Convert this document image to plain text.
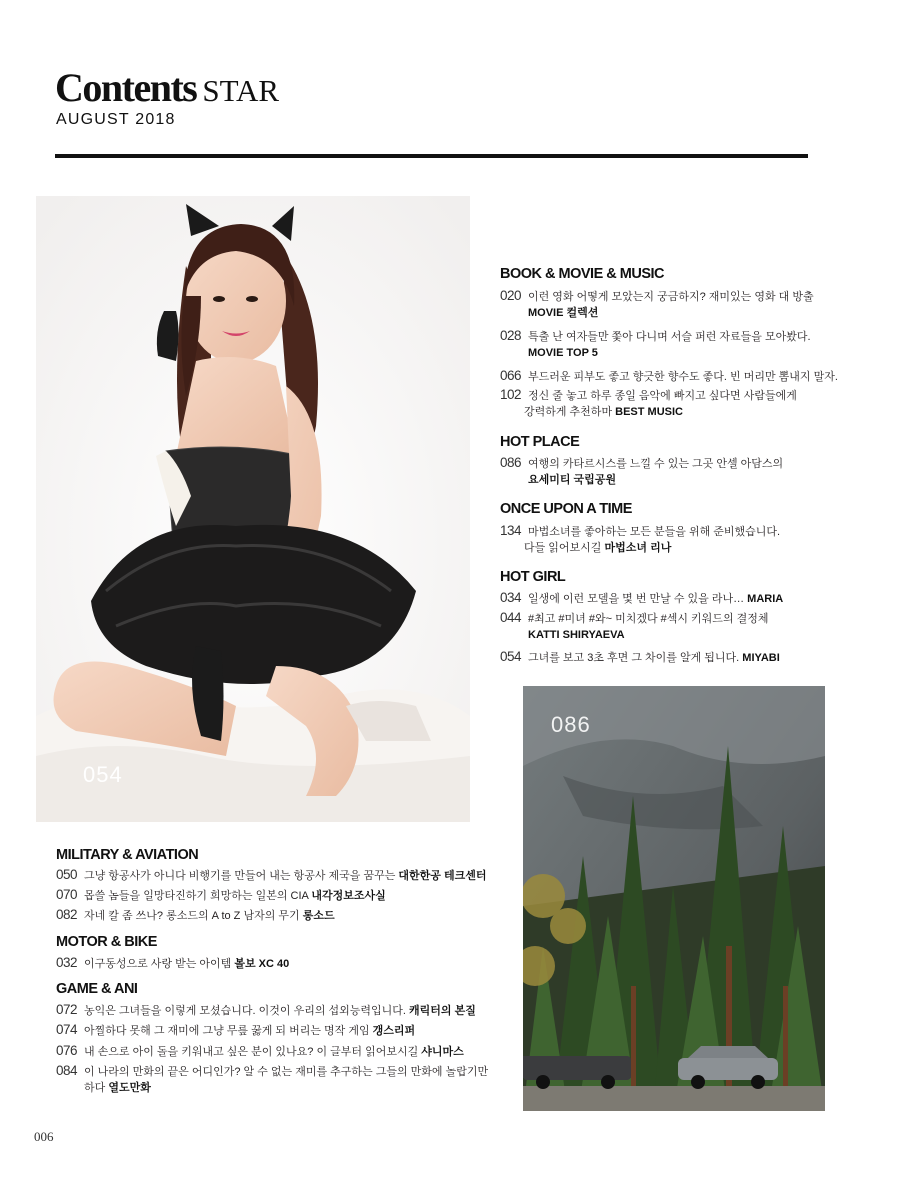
Contents STAR
AUGUST 2018
054
086
BOOK & MOVIE & MUSIC
020 이런 영화 어떻게 모았는지 궁금하지? 재미있는 영화 대 방출
MOVIE 컬렉션
028 특출 난 여자들만 쫓아 다니며 서슬 퍼런 자료들을 모아봤다.
MOVIE TOP 5
066 부드러운 피부도 좋고 향긋한 향수도 좋다. 빈 머리만 뽐내지 말자.
102 정신 줄 놓고 하루 종일 음악에 빠지고 싶다면 사람들에게
강력하게 추천하마 BEST MUSIC
HOT PLACE
086 여행의 카타르시스를 느낄 수 있는 그곳 안셀 아담스의
요세미티 국립공원
ONCE UPON A TIME
134 마법소녀를 좋아하는 모든 분들을 위해 준비했습니다.
다들 읽어보시길 마법소녀 리나
HOT GIRL
034 일생에 이런 모델을 몇 번 만날 수 있을 라나… MARIA
044 #최고 #미녀 #와~ 미치겠다 #섹시 키워드의 결정체
KATTI SHIRYAEVA
054 그녀를 보고 3초 후면 그 차이를 알게 됩니다. MIYABI
MILITARY & AVIATION
050 그냥 항공사가 아니다 비행기를 만들어 내는 항공사 제국을 꿈꾸는 대한한공 테크센터
070 몹쓸 놈들을 일망타진하기 희망하는 일본의 CIA 내각정보조사실
082 자네 칼 좀 쓰나? 롱소드의 A to Z 남자의 무기 롱소드
MOTOR & BIKE
032 이구동성으로 사랑 받는 아이템 볼보 XC 40
GAME & ANI
072 농익은 그녀들을 이렇게 모셨습니다. 이것이 우리의 섭외능력입니다. 캐릭터의 본질
074 아찔하다 못해 그 재미에 그냥 무릎 꿇게 되 버리는 명작 게임 갱스리퍼
076 내 손으로 아이 돌을 키워내고 싶은 분이 있나요? 이 글부터 읽어보시길 샤니마스
084 이 나라의 만화의 끝은 어디인가? 알 수 없는 재미를 추구하는 그들의 만화에 놀랍기만
하다 열도만화
006
